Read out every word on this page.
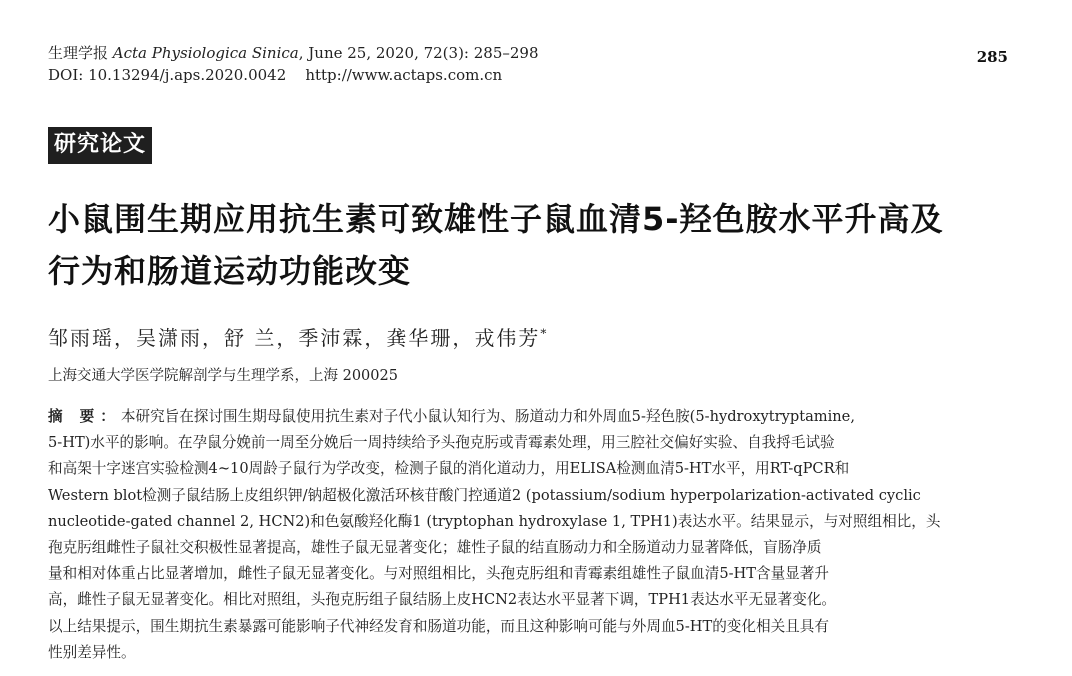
生理学报 Acta Physiologica Sinica, June 25, 2020, 72(3): 285–298
DOI: 10.13294/j.aps.2020.0042 http://www.actaps.com.cn
285
研究论文
小鼠围生期应用抗生素可致雄性子鼠血清5-羟色胺水平升高及
行为和肠道运动功能改变
邹雨瑶，吴潇雨，舒 兰，季沛霖，龚华珊，戎伟芳*
上海交通大学医学院解剖学与生理学系，上海 200025
摘 要：本研究旨在探讨围生期母鼠使用抗生素对子代小鼠认知行为、肠道动力和外周血5-羟色胺(5-hydroxytryptamine,
5-HT)水平的影响。在孕鼠分娩前一周至分娩后一周持续给予头孢克肟或青霉素处理，用三腔社交偏好实验、自我捋毛试验
和高架十字迷宫实验检测4~10周龄子鼠行为学改变，检测子鼠的消化道动力，用ELISA检测血清5-HT水平，用RT-qPCR和
Western blot检测子鼠结肠上皮组织钾/钠超极化激活环核苷酸门控通道2 (potassium/sodium hyperpolarization-activated cyclic
nucleotide-gated channel 2, HCN2)和色氨酸羟化酶1 (tryptophan hydroxylase 1, TPH1)表达水平。结果显示，与对照组相比，头
孢克肟组雌性子鼠社交积极性显著提高，雄性子鼠无显著变化；雄性子鼠的结直肠动力和全肠道动力显著降低，盲肠净质
量和相对体重占比显著增加，雌性子鼠无显著变化。与对照组相比，头孢克肟组和青霉素组雄性子鼠血清5-HT含量显著升
高，雌性子鼠无显著变化。相比对照组，头孢克肟组子鼠结肠上皮HCN2表达水平显著下调，TPH1表达水平无显著变化。
以上结果提示，围生期抗生素暴露可能影响子代神经发育和肠道功能，而且这种影响可能与外周血5-HT的变化相关且具有
性别差异性。
